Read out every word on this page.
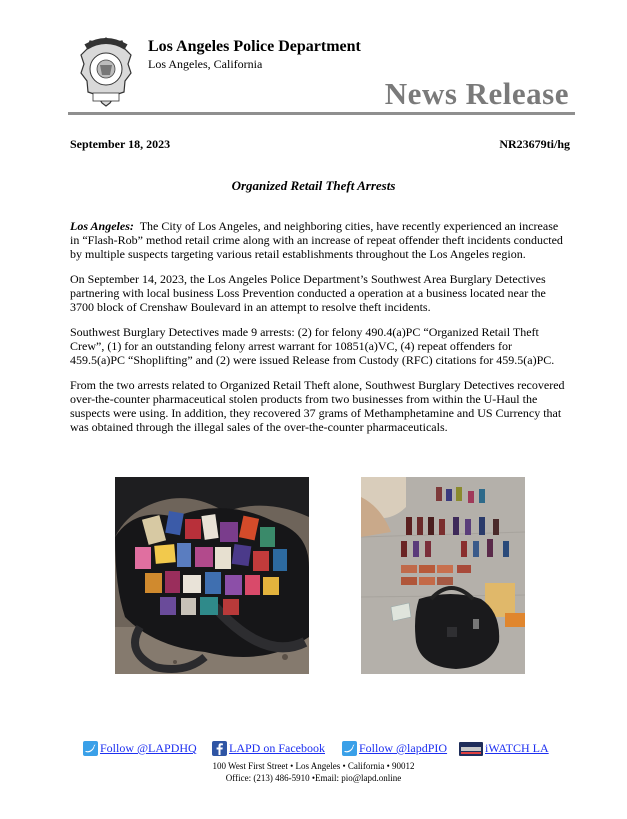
Los Angeles Police Department
Los Angeles, California
News Release
September 18, 2023	NR23679ti/hg
Organized Retail Theft Arrests

Los Angeles: The City of Los Angeles, and neighboring cities, have recently experienced an increase in “Flash-Rob” method retail crime along with an increase of repeat offender theft incidents conducted by multiple suspects targeting various retail establishments throughout the Los Angeles region.

On September 14, 2023, the Los Angeles Police Department’s Southwest Area Burglary Detectives partnering with local business Loss Prevention conducted a operation at a business located near the 3700 block of Crenshaw Boulevard in an attempt to resolve theft incidents.

Southwest Burglary Detectives made 9 arrests: (2) for felony 490.4(a)PC “Organized Retail Theft Crew”, (1) for an outstanding felony arrest warrant for 10851(a)VC, (4) repeat offenders for 459.5(a)PC “Shoplifting” and (2) were issued Release from Custody (RFC) citations for 459.5(a)PC.

From the two arrests related to Organized Retail Theft alone, Southwest Burglary Detectives recovered over-the-counter pharmaceutical stolen products from two businesses from within the U-Haul the suspects were using. In addition, they recovered 37 grams of Methamphetamine and US Currency that was obtained through the illegal sales of the over-the-counter pharmaceuticals.

Follow @LAPDHQ	LAPD on Facebook	Follow @lapdPIO	iWATCH LA
100 West First Street • Los Angeles • California • 90012
Office: (213) 486-5910 •Email: pio@lapd.online
